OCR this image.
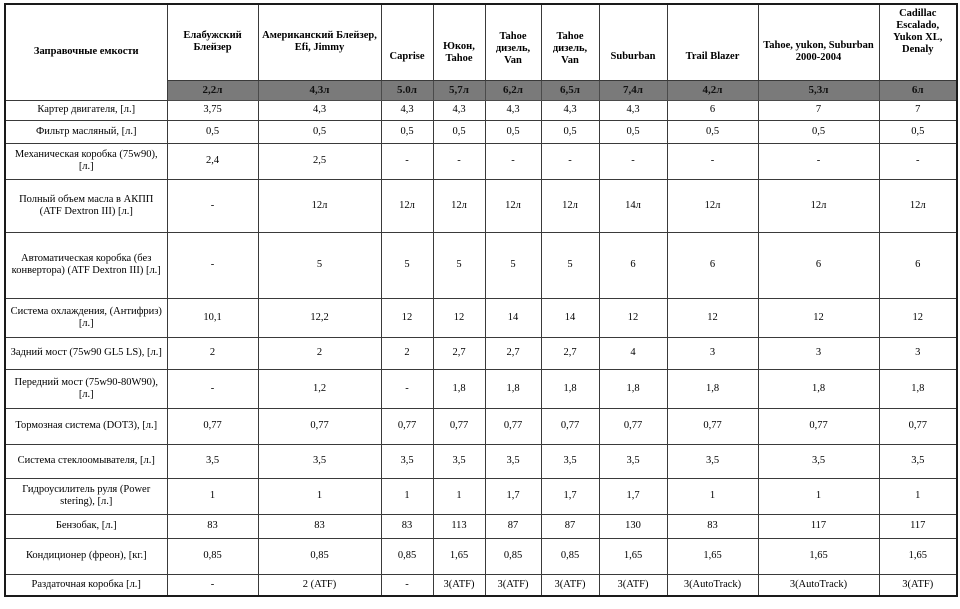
Заправочные емкости	Елабужский Блейзер	Американский Блейзер, Efi, Jimmy	Caprise	Юкон, Tahoe	Tahoe дизель, Van	Tahoe дизель, Van	Suburban	Trail Blazer	Tahoe, yukon, Suburban 2000-2004	Cadillac Escalado, Yukon XL, Denaly
	2,2л	4,3л	5.0л	5,7л	6,2л	6,5л	7,4л	4,2л	5,3л	6л
Картер двигателя, [л.]	3,75	4,3	4,3	4,3	4,3	4,3	4,3	6	7	7
Фильтр масляный, [л.]	0,5	0,5	0,5	0,5	0,5	0,5	0,5	0,5	0,5	0,5
Механическая коробка (75w90), [л.]	2,4	2,5	-	-	-	-	-	-	-	-
Полный объем масла в АКПП (ATF Dextron III) [л.]	-	12л	12л	12л	12л	12л	14л	12л	12л	12л
Автоматическая коробка (без конвертора) (ATF Dextron III) [л.]	-	5	5	5	5	5	6	6	6	6
Система охлаждения, (Антифриз)[л.]	10,1	12,2	12	12	14	14	12	12	12	12
Задний мост (75w90 GL5 LS), [л.]	2	2	2	2,7	2,7	2,7	4	3	3	3
Передний мост (75w90-80W90), [л.]	-	1,2	-	1,8	1,8	1,8	1,8	1,8	1,8	1,8
Тормозная система (DOT3), [л.]	0,77	0,77	0,77	0,77	0,77	0,77	0,77	0,77	0,77	0,77
Система стеклоомывателя, [л.]	3,5	3,5	3,5	3,5	3,5	3,5	3,5	3,5	3,5	3,5
Гидроусилитель руля (Power stering), [л.]	1	1	1	1	1,7	1,7	1,7	1	1	1
Бензобак, [л.]	83	83	83	113	87	87	130	83	117	117
Кондиционер (фреон), [кг.]	0,85	0,85	0,85	1,65	0,85	0,85	1,65	1,65	1,65	1,65
Раздаточная коробка [л.]	-	2 (ATF)	-	3(ATF)	3(ATF)	3(ATF)	3(ATF)	3(AutoTrack)	3(AutoTrack)	3(ATF)
